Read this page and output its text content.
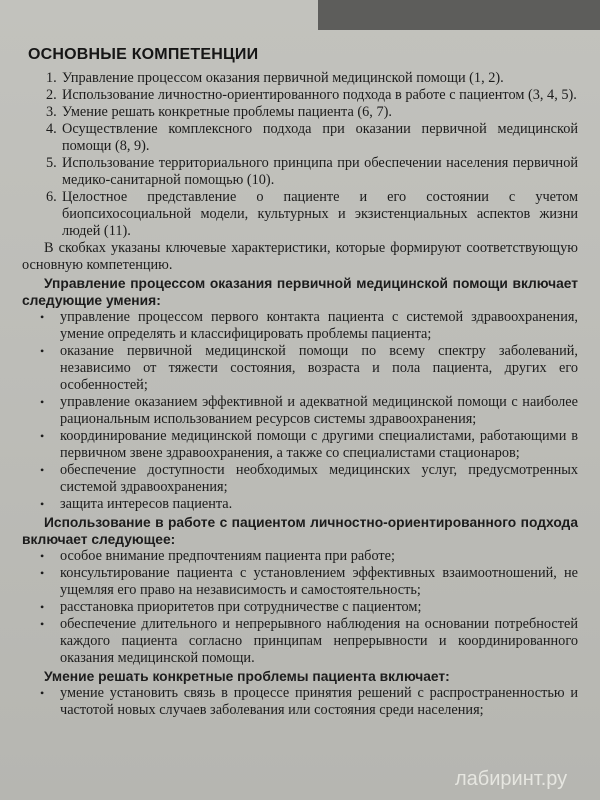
ОСНОВНЫЕ КОМПЕТЕНЦИИ
1. Управление процессом оказания первичной медицинской помощи (1, 2).
2. Использование личностно-ориентированного подхода в работе с пациентом (3, 4, 5).
3. Умение решать конкретные проблемы пациента (6, 7).
4. Осуществление комплексного подхода при оказании первичной медицинской помощи (8, 9).
5. Использование территориального принципа при обеспечении населения первичной медико-санитарной помощью (10).
6. Целостное представление о пациенте и его состоянии с учетом биопсихосоциальной модели, культурных и экзистенциальных аспектов жизни людей (11).

В скобках указаны ключевые характеристики, которые формируют соответствующую основную компетенцию.

Управление процессом оказания первичной медицинской помощи включает следующие умения:
• управление процессом первого контакта пациента с системой здравоохранения, умение определять и классифицировать проблемы пациента;
• оказание первичной медицинской помощи по всему спектру заболеваний, независимо от тяжести состояния, возраста и пола пациента, других его особенностей;
• управление оказанием эффективной и адекватной медицинской помощи с наиболее рациональным использованием ресурсов системы здравоохранения;
• координирование медицинской помощи с другими специалистами, работающими в первичном звене здравоохранения, а также со специалистами стационаров;
• обеспечение доступности необходимых медицинских услуг, предусмотренных системой здравоохранения;
• защита интересов пациента.
Использование в работе с пациентом личностно-ориентированного подхода включает следующее:
• особое внимание предпочтениям пациента при работе;
• консультирование пациента с установлением эффективных взаимоотношений, не ущемляя его право на независимость и самостоятельность;
• расстановка приоритетов при сотрудничестве с пациентом;
• обеспечение длительного и непрерывного наблюдения на основании потребностей каждого пациента согласно принципам непрерывности и координированного оказания медицинской помощи.
Умение решать конкретные проблемы пациента включает:
• умение установить связь в процессе принятия решений с распространенностью и частотой новых случаев заболевания или состояния среди населения;
лабиринт.ру
